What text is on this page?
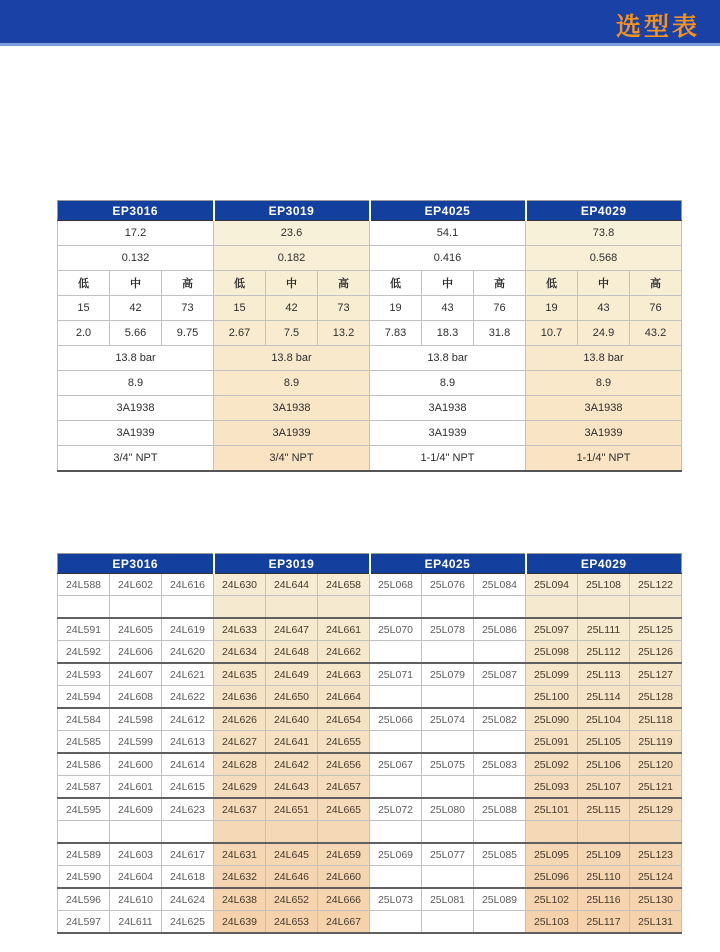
选型表
EP3016			EP3019			EP4025			EP4029		
17.2			23.6			54.1			73.8		
0.132			0.182			0.416			0.568		
低	中	高	低	中	高	低	中	高	低	中	高
15	42	73	15	42	73	19	43	76	19	43	76
2.0	5.66	9.75	2.67	7.5	13.2	7.83	18.3	31.8	10.7	24.9	43.2
13.8 bar			13.8 bar			13.8 bar			13.8 bar		
8.9			8.9			8.9			8.9		
3A1938			3A1938			3A1938			3A1938		
3A1939			3A1939			3A1939			3A1939		
3/4" NPT			3/4" NPT			1-1/4" NPT			1-1/4" NPT		
EP3016			EP3019			EP4025			EP4029		
24L588	24L602	24L616	24L630	24L644	24L658	25L068	25L076	25L084	25L094	25L108	25L122

24L591	24L605	24L619	24L633	24L647	24L661	25L070	25L078	25L086	25L097	25L111	25L125
24L592	24L606	24L620	24L634	24L648	24L662				25L098	25L112	25L126
24L593	24L607	24L621	24L635	24L649	24L663	25L071	25L079	25L087	25L099	25L113	25L127
24L594	24L608	24L622	24L636	24L650	24L664				25L100	25L114	25L128
24L584	24L598	24L612	24L626	24L640	24L654	25L066	25L074	25L082	25L090	25L104	25L118
24L585	24L599	24L613	24L627	24L641	24L655				25L091	25L105	25L119
24L586	24L600	24L614	24L628	24L642	24L656	25L067	25L075	25L083	25L092	25L106	25L120
24L587	24L601	24L615	24L629	24L643	24L657				25L093	25L107	25L121
24L595	24L609	24L623	24L637	24L651	24L665	25L072	25L080	25L088	25L101	25L115	25L129

24L589	24L603	24L617	24L631	24L645	24L659	25L069	25L077	25L085	25L095	25L109	25L123
24L590	24L604	24L618	24L632	24L646	24L660				25L096	25L110	25L124
24L596	24L610	24L624	24L638	24L652	24L666	25L073	25L081	25L089	25L102	25L116	25L130
24L597	24L611	24L625	24L639	24L653	24L667				25L103	25L117	25L131
